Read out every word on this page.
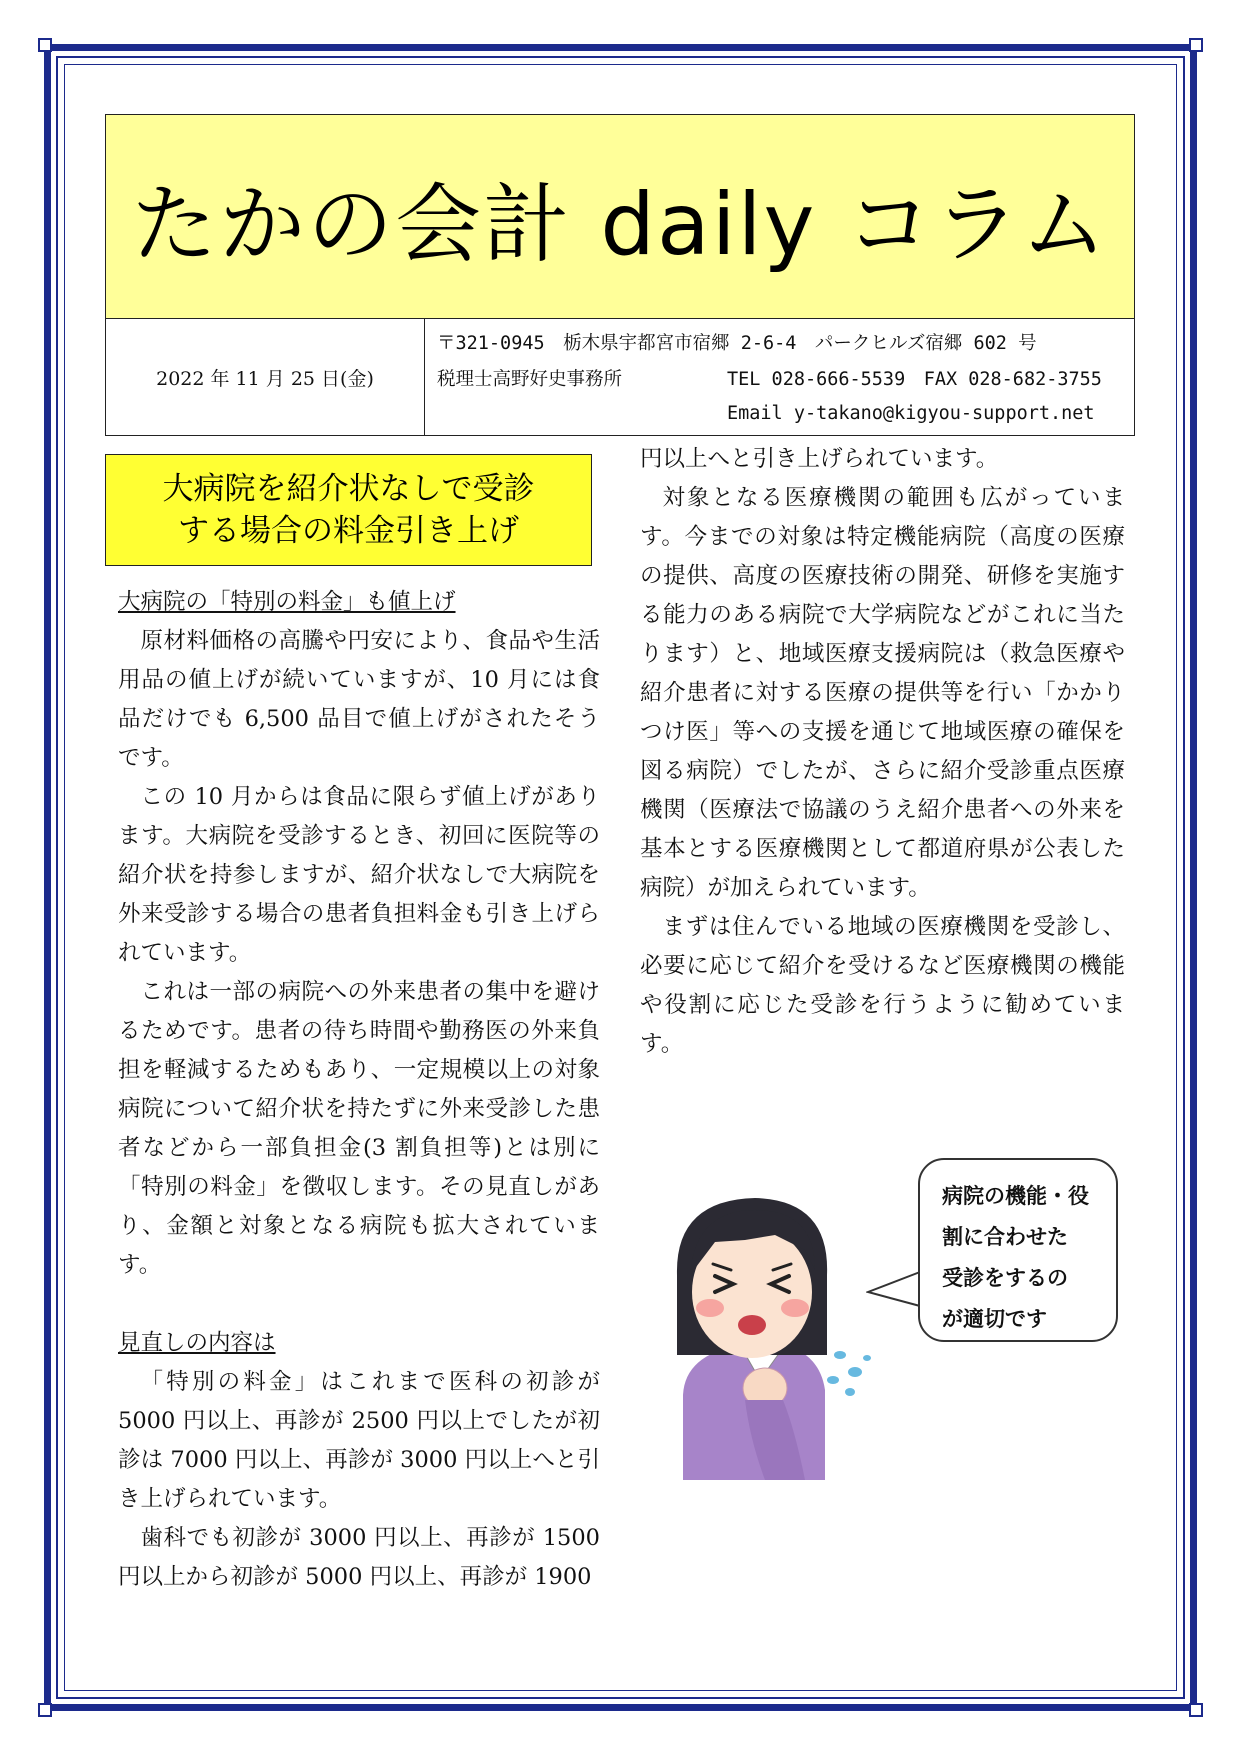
たかの会計 daily コラム
2022 年 11 月 25 日(金)
〒321-0945　栃木県宇都宮市宿郷 2-6-4　パークヒルズ宿郷 602 号
税理士高野好史事務所	TEL 028-666-5539　FAX 028-682-3755
Email y-takano@kigyou-support.net
大病院を紹介状なしで受診
する場合の料金引き上げ
大病院の「特別の料金」も値上げ

原材料価格の高騰や円安により、食品や生活用品の値上げが続いていますが、10 月には食品だけでも 6,500 品目で値上げがされたそうです。

この 10 月からは食品に限らず値上げがあります。大病院を受診するとき、初回に医院等の紹介状を持参しますが、紹介状なしで大病院を外来受診する場合の患者負担料金も引き上げられています。

これは一部の病院への外来患者の集中を避けるためです。患者の待ち時間や勤務医の外来負担を軽減するためもあり、一定規模以上の対象病院について紹介状を持たずに外来受診した患者などから一部負担金(3 割負担等)とは別に「特別の料金」を徴収します。その見直しがあり、金額と対象となる病院も拡大されています。

見直しの内容は

「特別の料金」はこれまで医科の初診が 5000 円以上、再診が 2500 円以上でしたが初診は 7000 円以上、再診が 3000 円以上へと引き上げられています。

歯科でも初診が 3000 円以上、再診が 1500 円以上から初診が 5000 円以上、再診が 1900

円以上へと引き上げられています。

対象となる医療機関の範囲も広がっています。今までの対象は特定機能病院（高度の医療の提供、高度の医療技術の開発、研修を実施する能力のある病院で大学病院などがこれに当たります）と、地域医療支援病院は（救急医療や紹介患者に対する医療の提供等を行い「かかりつけ医」等への支援を通じて地域医療の確保を図る病院）でしたが、さらに紹介受診重点医療機関（医療法で協議のうえ紹介患者への外来を基本とする医療機関として都道府県が公表した病院）が加えられています。

まずは住んでいる地域の医療機関を受診し、必要に応じて紹介を受けるなど医療機関の機能や役割に応じた受診を行うように勧めています。

病院の機能・役
割に合わせた
受診をするの
が適切です
